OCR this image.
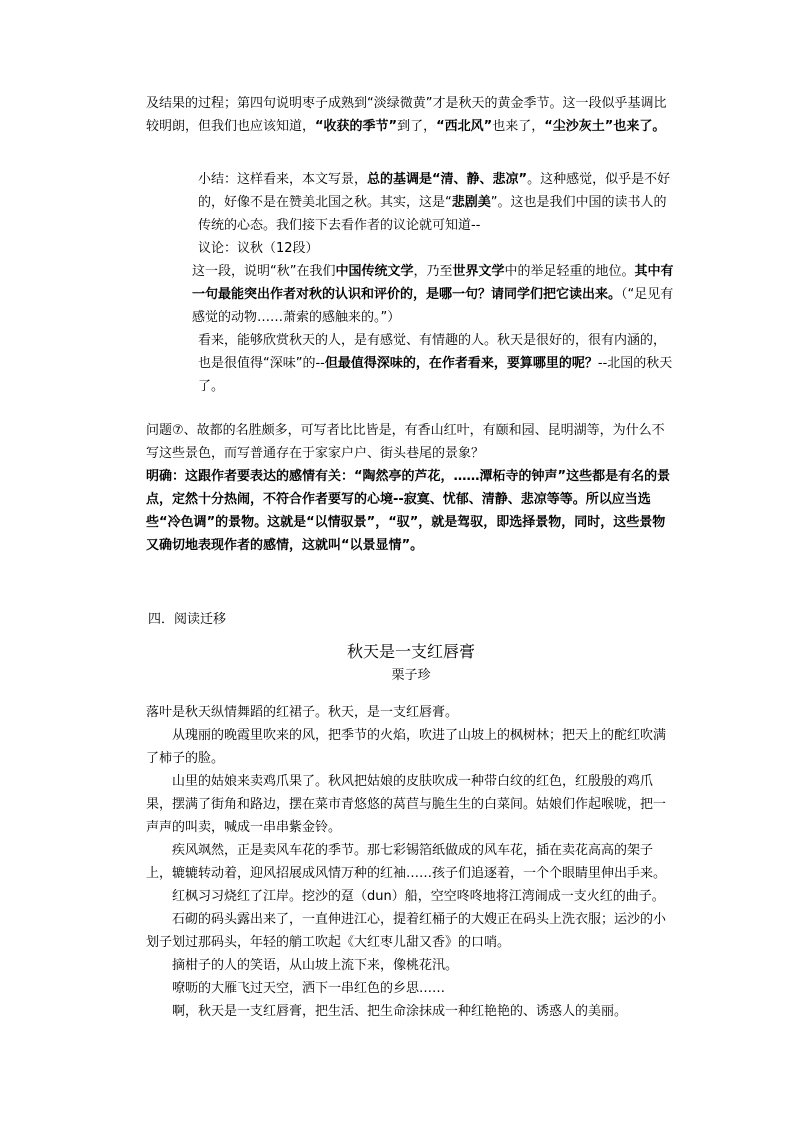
及结果的过程；第四句说明枣子成熟到“淡绿微黄”才是秋天的黄金季节。这一段似乎基调比较明朗，但我们也应该知道，“收获的季节”到了，“西北风”也来了，“尘沙灰土”也来了。

小结：这样看来，本文写景，总的基调是“清、静、悲凉”。这种感觉，似乎是不好的，好像不是在赞美北国之秋。其实，这是“悲剧美”。这也是我们中国的读书人的传统的心态。我们接下去看作者的议论就可知道--

议论：议秋（12段）

这一段，说明“秋”在我们中国传统文学，乃至世界文学中的举足轻重的地位。其中有一句最能突出作者对秋的认识和评价的，是哪一句？请同学们把它读出来。（“足见有感觉的动物……萧索的感触来的。”）

看来，能够欣赏秋天的人，是有感觉、有情趣的人。秋天是很好的，很有内涵的，也是很值得“深味”的--但最值得深味的，在作者看来，要算哪里的呢？--北国的秋天了。

问题⑦、故都的名胜颇多，可写者比比皆是，有香山红叶，有颐和园、昆明湖等，为什么不写这些景色，而写普通存在于家家户户、街头巷尾的景象？

明确：这跟作者要表达的感情有关：“陶然亭的芦花，……潭柘寺的钟声”这些都是有名的景点，定然十分热闹，不符合作者要写的心境--寂寞、忧郁、清静、悲凉等等。所以应当选些“冷色调”的景物。这就是“以情驭景”，“驭”，就是驾驭，即选择景物，同时，这些景物又确切地表现作者的感情，这就叫“以景显情”。

四．阅读迁移

秋天是一支红唇膏

栗子珍

落叶是秋天纵情舞蹈的红裙子。秋天，是一支红唇膏。

从瑰丽的晚霞里吹来的风，把季节的火焰，吹进了山坡上的枫树林；把天上的酡红吹满了柿子的脸。

山里的姑娘来卖鸡爪果了。秋风把姑娘的皮肤吹成一种带白纹的红色，红殷殷的鸡爪果，摆满了街角和路边，摆在菜市青悠悠的莴苣与脆生生的白菜间。姑娘们作起喉咙，把一声声的叫卖，喊成一串串紫金铃。

疾风飒然，正是卖风车花的季节。那七彩锡箔纸做成的风车花，插在卖花高高的架子上，辘辘转动着，迎风招展成风情万种的红袖……孩子们追逐着，一个个眼睛里伸出手来。

红枫习习烧红了江岸。挖沙的趸（dun）船，空空咚咚地将江湾闹成一支火红的曲子。

石砌的码头露出来了，一直伸进江心，提着红桶子的大嫂正在码头上洗衣服；运沙的小划子划过那码头，年轻的艄工吹起《大红枣儿甜又香》的口哨。

摘柑子的人的笑语，从山坡上流下来，像桃花汛。

嘹呖的大雁飞过天空，洒下一串红色的乡思……

啊，秋天是一支红唇膏，把生活、把生命涂抹成一种红艳艳的、诱惑人的美丽。
